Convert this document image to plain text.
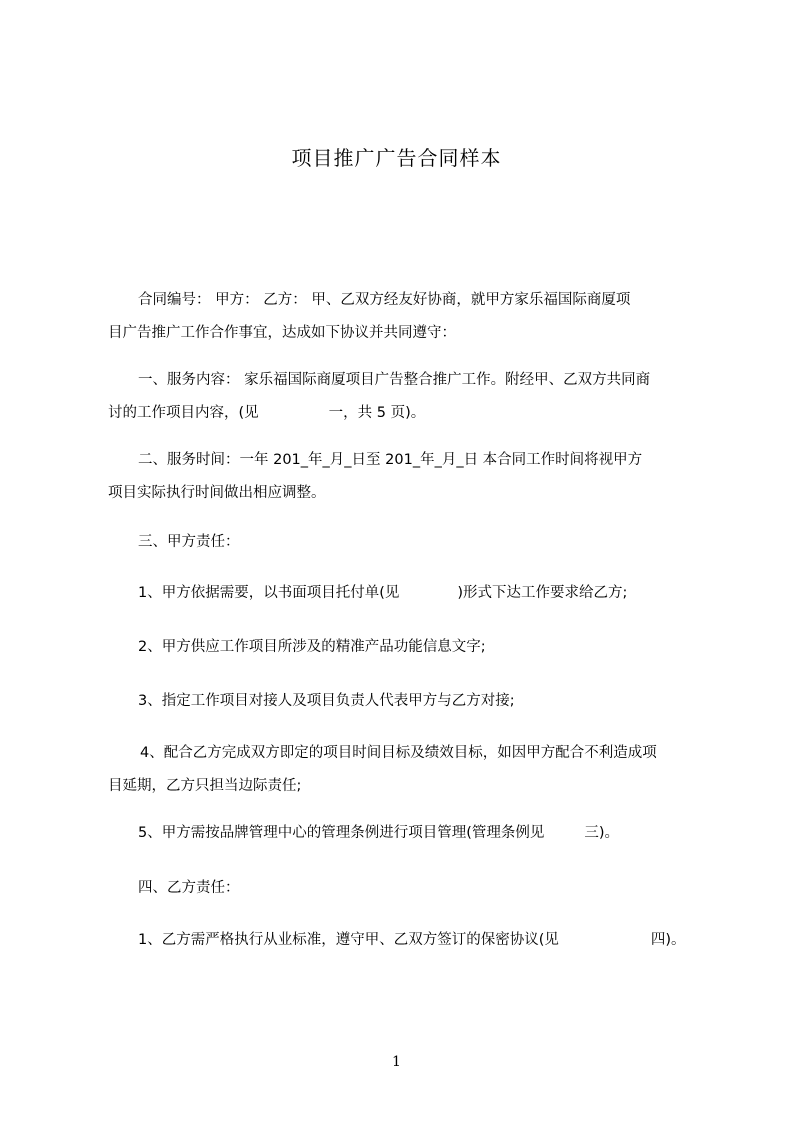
项目推广广告合同样本
合同编号： 甲方： 乙方： 甲、乙双方经友好协商，就甲方家乐福国际商厦项
目广告推广工作合作事宜，达成如下协议并共同遵守：
一、服务内容： 家乐福国际商厦项目广告整合推广工作。附经甲、乙双方共同商
讨的工作项目内容，(见	一，共 5 页)。
二、服务时间：一年 201_年_月_日至 201_年_月_日 本合同工作时间将视甲方
项目实际执行时间做出相应调整。
三、甲方责任：
1、甲方依据需要，以书面项目托付单(见	)形式下达工作要求给乙方;
2、甲方供应工作项目所涉及的精准产品功能信息文字;
3、指定工作项目对接人及项目负责人代表甲方与乙方对接;
4、配合乙方完成双方即定的项目时间目标及绩效目标，如因甲方配合不利造成项
目延期，乙方只担当边际责任;
5、甲方需按品牌管理中心的管理条例进行项目管理(管理条例见	三)。
四、乙方责任：
1、乙方需严格执行从业标准，遵守甲、乙双方签订的保密协议(见	四)。
1
